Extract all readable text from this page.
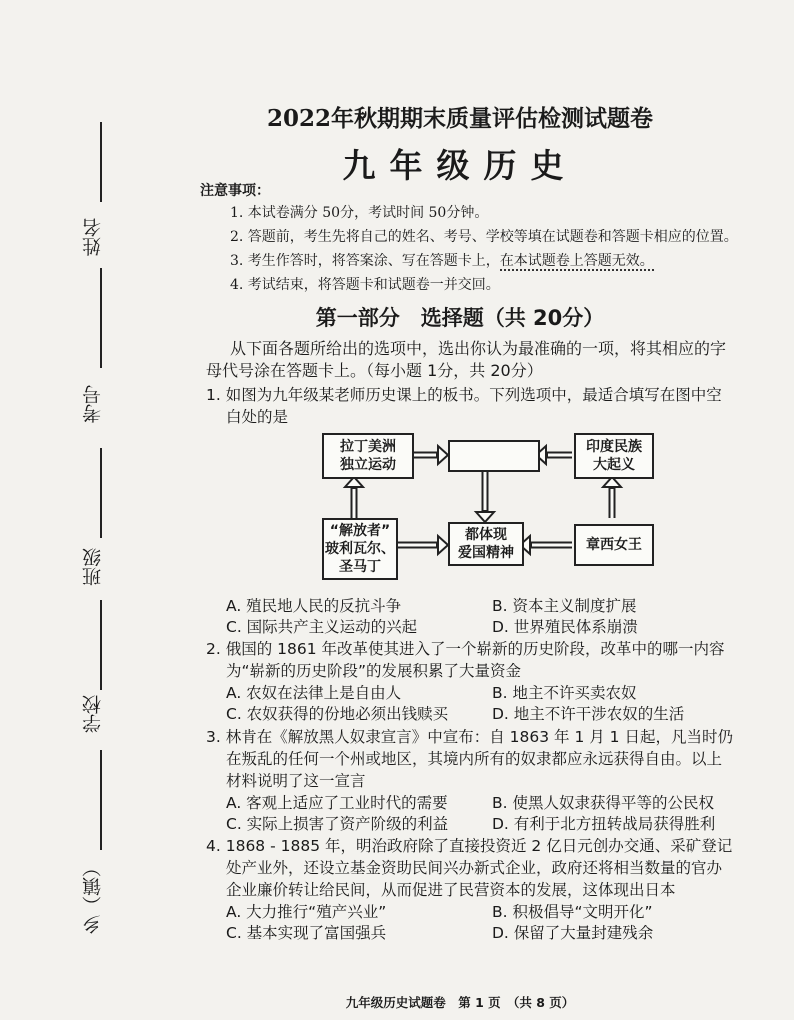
姓名
考号
班级
学校
乡（镇）
2022年秋期期末质量评估检测试题卷
九年级历史
注意事项：
1. 本试卷满分 50分，考试时间 50分钟。
2. 答题前，考生先将自己的姓名、考号、学校等填在试题卷和答题卡相应的位置。
3. 考生作答时，将答案涂、写在答题卡上，在本试题卷上答题无效。
4. 考试结束，将答题卡和试题卷一并交回。
第一部分　选择题（共 20分）
从下面各题所给出的选项中，选出你认为最准确的一项，将其相应的字
母代号涂在答题卡上。（每小题 1分，共 20分）
1. 如图为九年级某老师历史课上的板书。下列选项中，最适合填写在图中空
白处的是
拉丁美洲
独立运动
印度民族
大起义
“解放者”
玻利瓦尔、
圣马丁
都体现
爱国精神	章西女王
A. 殖民地人民的反抗斗争	B. 资本主义制度扩展
C. 国际共产主义运动的兴起	D. 世界殖民体系崩溃
2. 俄国的 1861 年改革使其进入了一个崭新的历史阶段，改革中的哪一内容
为“崭新的历史阶段”的发展积累了大量资金
A. 农奴在法律上是自由人	B. 地主不许买卖农奴
C. 农奴获得的份地必须出钱赎买	D. 地主不许干涉农奴的生活
3. 林肯在《解放黑人奴隶宣言》中宣布：自 1863 年 1 月 1 日起，凡当时仍
在叛乱的任何一个州或地区，其境内所有的奴隶都应永远获得自由。以上
材料说明了这一宣言
A. 客观上适应了工业时代的需要	B. 使黑人奴隶获得平等的公民权
C. 实际上损害了资产阶级的利益	D. 有利于北方扭转战局获得胜利
4. 1868 - 1885 年，明治政府除了直接投资近 2 亿日元创办交通、采矿登记
处产业外，还设立基金资助民间兴办新式企业，政府还将相当数量的官办
企业廉价转让给民间，从而促进了民营资本的发展，这体现出日本
A. 大力推行“殖产兴业”	B. 积极倡导“文明开化”
C. 基本实现了富国强兵	D. 保留了大量封建残余
九年级历史试题卷　第 1 页　（共 8 页）
